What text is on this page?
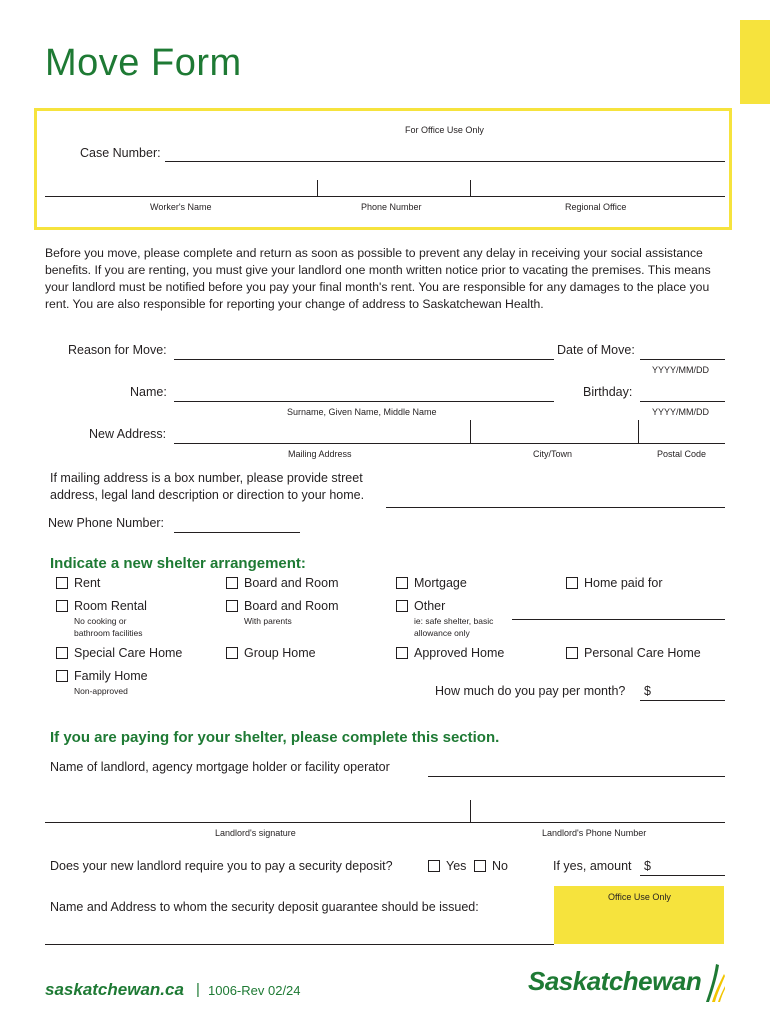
Move Form
For Office Use Only
Case Number:
Worker's Name	Phone Number	Regional Office
Before you move, please complete and return as soon as possible to prevent any delay in receiving your social assistance benefits. If you are renting, you must give your landlord one month written notice prior to vacating the premises. This means your landlord must be notified before you pay your final month's rent. You are responsible for any damages to the place you rent. You are also responsible for reporting your change of address to Saskatchewan Health.
Reason for Move:	Date of Move:
YYYY/MM/DD
Name:	Birthday:
Surname, Given Name, Middle Name	YYYY/MM/DD
New Address:
Mailing Address	City/Town	Postal Code
If mailing address is a box number, please provide street
address, legal land description or direction to your home.
New Phone Number:
Indicate a new shelter arrangement:
Rent	Board and Room	Mortgage	Home paid for
Room Rental
No cooking or
bathroom facilities
Board and Room
With parents
Other
ie: safe shelter, basic
allowance only
Special Care Home	Group Home	Approved Home	Personal Care Home
Family Home
Non-approved	How much do you pay per month? $
If you are paying for your shelter, please complete this section.
Name of landlord, agency mortgage holder or facility operator
Landlord's signature	Landlord's Phone Number
Does your new landlord require you to pay a security deposit?	Yes No	If yes, amount $
Office Use Only
Name and Address to whom the security deposit guarantee should be issued:
saskatchewan.ca | 1006-Rev 02/24	Saskatchewan
